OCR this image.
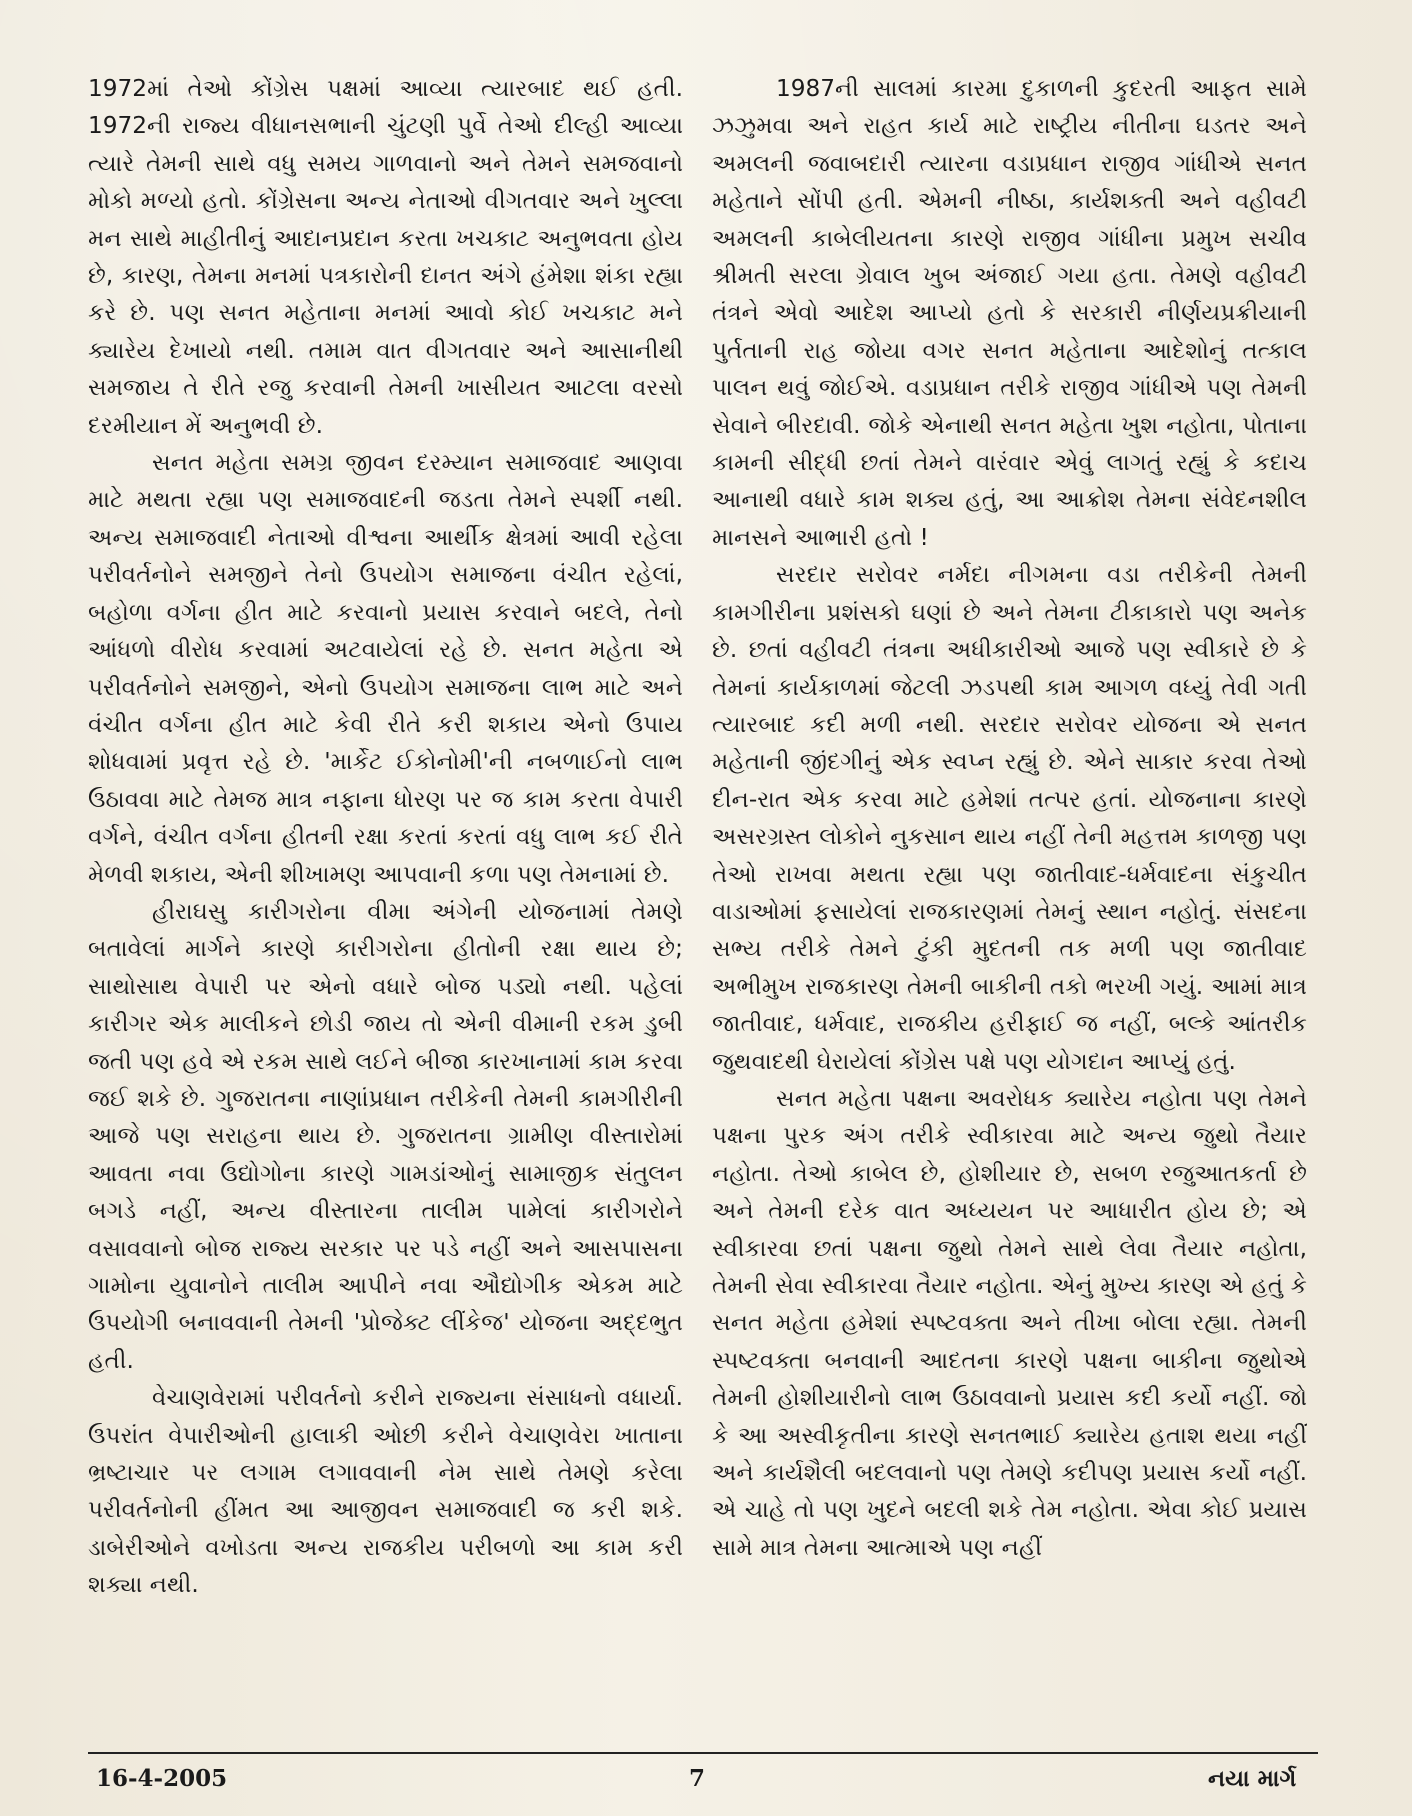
1972માં તેઓ કોંગ્રેસ પક્ષમાં આવ્યા ત્યારબાદ થઈ હતી. 1972ની રાજ્ય વીધાનસભાની ચુંટણી પુર્વે તેઓ દીલ્હી આવ્યા ત્યારે તેમની સાથે વધુ સમય ગાળવાનો અને તેમને સમજવાનો મોકો મળ્યો હતો. કોંગ્રેસના અન્ય નેતાઓ વીગતવાર અને ખુલ્લા મન સાથે માહીતીનું આદાનપ્રદાન કરતા ખચકાટ અનુભવતા હોય છે, કારણ, તેમના મનમાં પત્રકારોની દાનત અંગે હંમેશા શંકા રહ્યા કરે છે. પણ સનત મહેતાના મનમાં આવો કોઈ ખચકાટ મને ક્યારેય દેખાયો નથી. તમામ વાત વીગતવાર અને આસાનીથી સમજાય તે રીતે રજુ કરવાની તેમની ખાસીયત આટલા વરસો દરમીયાન મેં અનુભવી છે.

સનત મહેતા સમગ્ર જીવન દરમ્યાન સમાજવાદ આણવા માટે મથતા રહ્યા પણ સમાજવાદની જડતા તેમને સ્પર્શી નથી. અન્ય સમાજવાદી નેતાઓ વીશ્વના આર્થીક ક્ષેત્રમાં આવી રહેલા પરીવર્તનોને સમજીને તેનો ઉપયોગ સમાજના વંચીત રહેલાં, બહોળા વર્ગના હીત માટે કરવાનો પ્રયાસ કરવાને બદલે, તેનો આંધળો વીરોધ કરવામાં અટવાયેલાં રહે છે. સનત મહેતા એ પરીવર્તનોને સમજીને, એનો ઉપયોગ સમાજના લાભ માટે અને વંચીત વર્ગના હીત માટે કેવી રીતે કરી શકાય એનો ઉપાય શોધવામાં પ્રવૃત્ત રહે છે. 'માર્કેટ ઈકોનોમી'ની નબળાઈનો લાભ ઉઠાવવા માટે તેમજ માત્ર નફાના ધોરણ પર જ કામ કરતા વેપારી વર્ગને, વંચીત વર્ગના હીતની રક્ષા કરતાં કરતાં વધુ લાભ કઈ રીતે મેળવી શકાય, એની શીખામણ આપવાની કળા પણ તેમનામાં છે.

હીરાઘસુ કારીગરોના વીમા અંગેની યોજનામાં તેમણે બતાવેલાં માર્ગને કારણે કારીગરોના હીતોની રક્ષા થાય છે; સાથોસાથ વેપારી પર એનો વધારે બોજ પડ્યો નથી. પહેલાં કારીગર એક માલીકને છોડી જાય તો એની વીમાની રકમ ડુબી જતી પણ હવે એ રકમ સાથે લઈને બીજા કારખાનામાં કામ કરવા જઈ શકે છે. ગુજરાતના નાણાંપ્રધાન તરીકેની તેમની કામગીરીની આજે પણ સરાહના થાય છે. ગુજરાતના ગ્રામીણ વીસ્તારોમાં આવતા નવા ઉદ્યોગોના કારણે ગામડાંઓનું સામાજીક સંતુલન બગડે નહીં, અન્ય વીસ્તારના તાલીમ પામેલાં કારીગરોને વસાવવાનો બોજ રાજ્ય સરકાર પર પડે નહીં અને આસપાસના ગામોના યુવાનોને તાલીમ આપીને નવા ઔદ્યોગીક એકમ માટે ઉપયોગી બનાવવાની તેમની 'પ્રોજેક્ટ લીંકેજ' યોજના અદ્દભુત હતી.

વેચાણવેરામાં પરીવર્તનો કરીને રાજ્યના સંસાધનો વધાર્યા. ઉપરાંત વેપારીઓની હાલાકી ઓછી કરીને વેચાણવેરા ખાતાના ભ્રષ્ટાચાર પર લગામ લગાવવાની નેમ સાથે તેમણે કરેલા પરીવર્તનોની હીંમત આ આજીવન સમાજવાદી જ કરી શકે. ડાબેરીઓને વખોડતા અન્ય રાજકીય પરીબળો આ કામ કરી શક્યા નથી.

1987ની સાલમાં કારમા દુકાળની કુદરતી આફત સામે ઝઝુમવા અને રાહત કાર્ય માટે રાષ્ટ્રીય નીતીના ઘડતર અને અમલની જવાબદારી ત્યારના વડાપ્રધાન રાજીવ ગાંધીએ સનત મહેતાને સોંપી હતી. એમની નીષ્ઠા, કાર્યશક્તી અને વહીવટી અમલની કાબેલીયતના કારણે રાજીવ ગાંધીના પ્રમુખ સચીવ શ્રીમતી સરલા ગ્રેવાલ ખુબ અંજાઈ ગયા હતા. તેમણે વહીવટી તંત્રને એવો આદેશ આપ્યો હતો કે સરકારી નીર્ણયપ્રક્રીયાની પુર્તતાની રાહ જોયા વગર સનત મહેતાના આદેશોનું તત્કાલ પાલન થવું જોઈએ. વડાપ્રધાન તરીકે રાજીવ ગાંધીએ પણ તેમની સેવાને બીરદાવી. જોકે એનાથી સનત મહેતા ખુશ નહોતા, પોતાના કામની સીદ્ધી છતાં તેમને વારંવાર એવું લાગતું રહ્યું કે કદાચ આનાથી વધારે કામ શક્ય હતું, આ આક્રોશ તેમના સંવેદનશીલ માનસને આભારી હતો !

સરદાર સરોવર નર્મદા નીગમના વડા તરીકેની તેમની કામગીરીના પ્રશંસકો ઘણાં છે અને તેમના ટીકાકારો પણ અનેક છે. છતાં વહીવટી તંત્રના અધીકારીઓ આજે પણ સ્વીકારે છે કે તેમનાં કાર્યકાળમાં જેટલી ઝડપથી કામ આગળ વધ્યું તેવી ગતી ત્યારબાદ કદી મળી નથી. સરદાર સરોવર યોજના એ સનત મહેતાની જીંદગીનું એક સ્વપ્ન રહ્યું છે. એને સાકાર કરવા તેઓ દીન-રાત એક કરવા માટે હમેશાં તત્પર હતાં. યોજનાના કારણે અસરગ્રસ્ત લોકોને નુકસાન થાય નહીં તેની મહત્તમ કાળજી પણ તેઓ રાખવા મથતા રહ્યા પણ જાતીવાદ-ધર્મવાદના સંકુચીત વાડાઓમાં ફસાયેલાં રાજકારણમાં તેમનું સ્થાન નહોતું. સંસદના સભ્ય તરીકે તેમને ટુંકી મુદતની તક મળી પણ જાતીવાદ અભીમુખ રાજકારણ તેમની બાકીની તકો ભરખી ગયું. આમાં માત્ર જાતીવાદ, ધર્મવાદ, રાજકીય હરીફાઈ જ નહીં, બલ્કે આંતરીક જુથવાદથી ઘેરાયેલાં કોંગ્રેસ પક્ષે પણ યોગદાન આપ્યું હતું.

સનત મહેતા પક્ષના અવરોધક ક્યારેય નહોતા પણ તેમને પક્ષના પુરક અંગ તરીકે સ્વીકારવા માટે અન્ય જુથો તૈયાર નહોતા. તેઓ કાબેલ છે, હોશીયાર છે, સબળ રજુઆતકર્તા છે અને તેમની દરેક વાત અધ્યયન પર આધારીત હોય છે; એ સ્વીકારવા છતાં પક્ષના જુથો તેમને સાથે લેવા તૈયાર નહોતા, તેમની સેવા સ્વીકારવા તૈયાર નહોતા. એનું મુખ્ય કારણ એ હતું કે સનત મહેતા હમેશાં સ્પષ્ટવક્તા અને તીખા બોલા રહ્યા. તેમની સ્પષ્ટવક્તા બનવાની આદતના કારણે પક્ષના બાકીના જુથોએ તેમની હોશીયારીનો લાભ ઉઠાવવાનો પ્રયાસ કદી કર્યો નહીં. જો કે આ અસ્વીકૃતીના કારણે સનતભાઈ ક્યારેય હતાશ થયા નહીં અને કાર્યશૈલી બદલવાનો પણ તેમણે કદીપણ પ્રયાસ કર્યો નહીં. એ ચાહે તો પણ ખુદને બદલી શકે તેમ નહોતા. એવા કોઈ પ્રયાસ સામે માત્ર તેમના આત્માએ પણ નહીં

16-4-2005	7	નયા માર્ગ
